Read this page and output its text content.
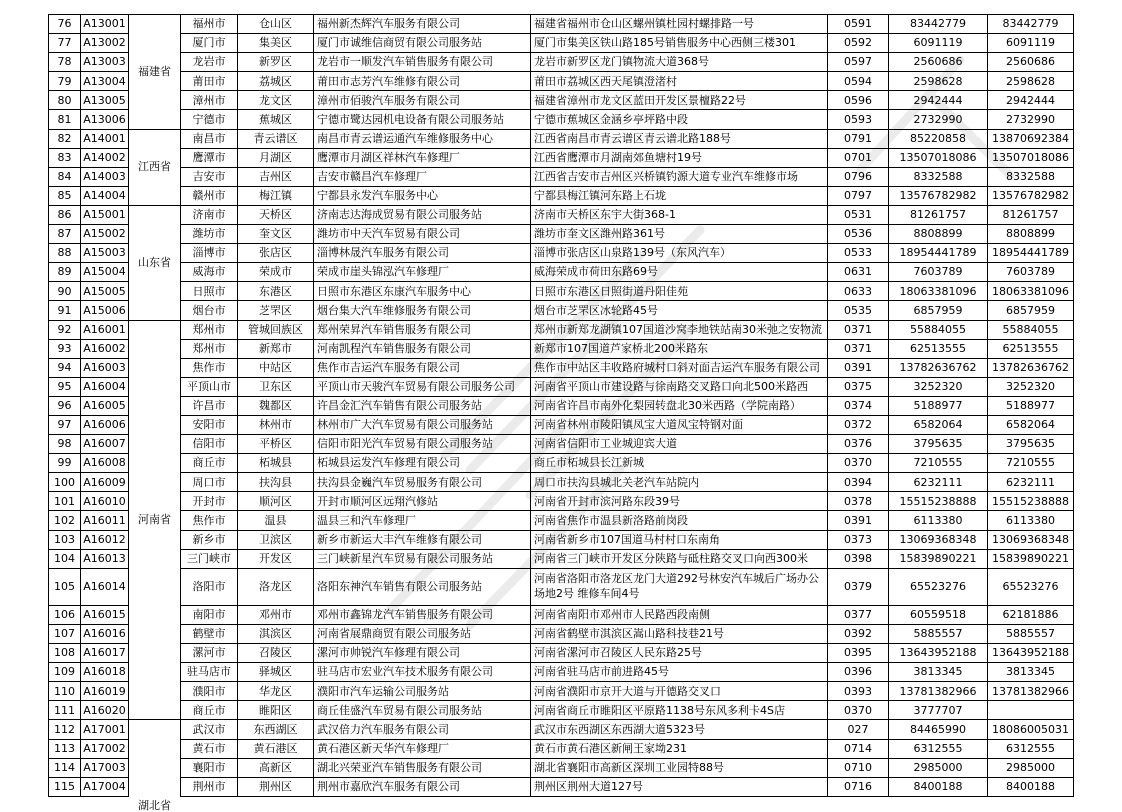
76	A13001	福建省	福州市	仓山区	福州新杰辉汽车服务有限公司	福建省福州市仓山区螺州镇杜园村螺排路一号	0591	83442779	83442779
77	A13002		厦门市	集美区	厦门市诚维信商贸有限公司服务站	厦门市集美区铁山路185号销售服务中心西侧三楼301	0592	6091119	6091119
78	A13003		龙岩市	新罗区	龙岩市一顺发汽车销售服务有限公司	龙岩市新罗区龙门镇物流大道368号	0597	2560686	2560686
79	A13004		莆田市	荔城区	莆田市志芳汽车维修有限公司	莆田市荔城区西天尾镇澄渚村	0594	2598628	2598628
80	A13005		漳州市	龙文区	漳州市佰骏汽车服务有限公司	福建省漳州市龙文区蓝田开发区景檀路22号	0596	2942444	2942444
81	A13006		宁德市	蕉城区	宁德市鹭达园机电设备有限公司服务站	宁德市蕉城区金涵乡亭坪路中段	0593	2732990	2732990
82	A14001	江西省	南昌市	青云谱区	南昌市青云谱运通汽车维修服务中心	江西省南昌市青云谱区青云谱北路188号	0791	85220858	13870692384
83	A14002		鹰潭市	月湖区	鹰潭市月湖区祥林汽车修理厂	江西省鹰潭市月湖南郊鱼塘村19号	0701	13507018086	13507018086
84	A14003		吉安市	吉州区	吉安市赣昌汽车修理厂	江西省吉安市吉州区兴桥镇钓源大道专业汽车维修市场	0796	8332588	8332588
85	A14004		赣州市	梅江镇	宁都县永发汽车服务中心	宁都县梅江镇河东路上石垅	0797	13576782982	13576782982
86	A15001	山东省	济南市	天桥区	济南志达海成贸易有限公司服务站	济南市天桥区东宇大街368-1	0531	81261757	81261757
87	A15002		潍坊市	奎文区	潍坊市中天汽车贸易有限公司	潍坊市奎文区潍州路361号	0536	8808899	8808899
88	A15003		淄博市	张店区	淄博林晟汽车服务有限公司	淄博市张店区山泉路139号（东风汽车）	0533	18954441789	18954441789
89	A15004		威海市	荣成市	荣成市崖头锦泓汽车修理厂	威海荣成市荷田东路69号	0631	7603789	7603789
90	A15005		日照市	东港区	日照市东港区东康汽车服务中心	日照市东港区日照街道丹阳佳苑	0633	18063381096	18063381096
91	A15006		烟台市	芝罘区	烟台集大汽车维修服务有限公司	烟台市芝罘区冰轮路45号	0535	6857959	6857959
92	A16001	河南省	郑州市	管城回族区	郑州荣昇汽车销售服务有限公司	郑州市新郑龙湖镇107国道沙窝李地铁站南30米弛之安物流	0371	55884055	55884055
93	A16002		郑州市	新郑市	河南凯程汽车销售服务有限公司	新郑市107国道芦家桥北200米路东	0371	62513555	62513555
94	A16003		焦作市	中站区	焦作市吉运汽车服务有限公司	焦作市中站区丰收路府城村口斜对面吉运汽车服务有限公司	0391	13782636762	13782636762
95	A16004		平顶山市	卫东区	平顶山市天骏汽车贸易有限公司服务公司	河南省平顶山市建设路与徐南路交叉路口向北500米路西	0375	3252320	3252320
96	A16005		许昌市	魏都区	许昌金汇汽车销售有限公司服务站	河南省许昌市南外化梨园转盘北30米西路（学院南路）	0374	5188977	5188977
97	A16006		安阳市	林州市	林州市广大汽车贸易有限公司服务站	河南省林州市陵阳镇凤宝大道凤宝特钢对面	0372	6582064	6582064
98	A16007		信阳市	平桥区	信阳市阳光汽车贸易有限公司服务站	河南省信阳市工业城迎宾大道	0376	3795635	3795635
99	A16008		商丘市	柘城县	柘城县运发汽车修理有限公司	商丘市柘城县长江新城	0370	7210555	7210555
100	A16009		周口市	扶沟县	扶沟县金巍汽车贸易服务有限公司	周口市扶沟县城北关老汽车站院内	0394	6232111	6232111
101	A16010		开封市	顺河区	开封市顺河区远翔汽修站	河南省开封市滨河路东段39号	0378	15515238888	15515238888
102	A16011		焦作市	温县	温县三和汽车修理厂	河南省焦作市温县新洛路前岗段	0391	6113380	6113380
103	A16012		新乡市	卫滨区	新乡市新运大丰汽车维修有限公司	河南省新乡市107国道马村村口东南角	0373	13069368348	13069368348
104	A16013		三门峡市	开发区	三门峡新星汽车贸易有限公司服务站	河南省三门峡市开发区分陕路与砥柱路交叉口向西300米	0398	15839890221	15839890221
105	A16014		洛阳市	洛龙区	洛阳东神汽车销售有限公司服务站	河南省洛阳市洛龙区龙门大道292号林安汽车城后广场办公场地2号 维修车间4号	0379	65523276	65523276
106	A16015		南阳市	邓州市	邓州市鑫锦龙汽车销售服务有限公司	河南省南阳市邓州市人民路西段南侧	0377	60559518	62181886
107	A16016		鹤壁市	淇滨区	河南省展鼎商贸有限公司服务站	河南省鹤壁市淇滨区嵩山路科技巷21号	0392	5885557	5885557
108	A16017		漯河市	召陵区	漯河市帅锐汽车修理有限公司	河南省漯河市召陵区人民东路25号	0395	13643952188	13643952188
109	A16018		驻马店市	驿城区	驻马店市宏业汽车技术服务有限公司	河南省驻马店市前进路45号	0396	3813345	3813345
110	A16019		濮阳市	华龙区	濮阳市汽车运输公司服务站	河南省濮阳市京开大道与开德路交叉口	0393	13781382966	13781382966
111	A16020		商丘市	睢阳区	商丘佳盛汽车贸易有限公司服务站	河南省商丘市睢阳区平原路1138号东风多利卡4S店	0370	3777707	
112	A17001	湖北省	武汉市	东西湖区	武汉倍力汽车服务有限公司	武汉市东西湖区东西湖大道5323号	027	84465990	18086005031
113	A17002		黄石市	黄石港区	黄石港区新天华汽车修理厂	黄石市黄石港区新闸王家坳231	0714	6312555	6312555
114	A17003		襄阳市	高新区	湖北兴荣亚汽车销售服务有限公司	湖北省襄阳市高新区深圳工业园特88号	0710	2985000	2985000
115	A17004		荆州市	荆州区	荆州市嘉欣汽车服务有限公司	荆州区荆州大道127号	0716	8400188	8400188
